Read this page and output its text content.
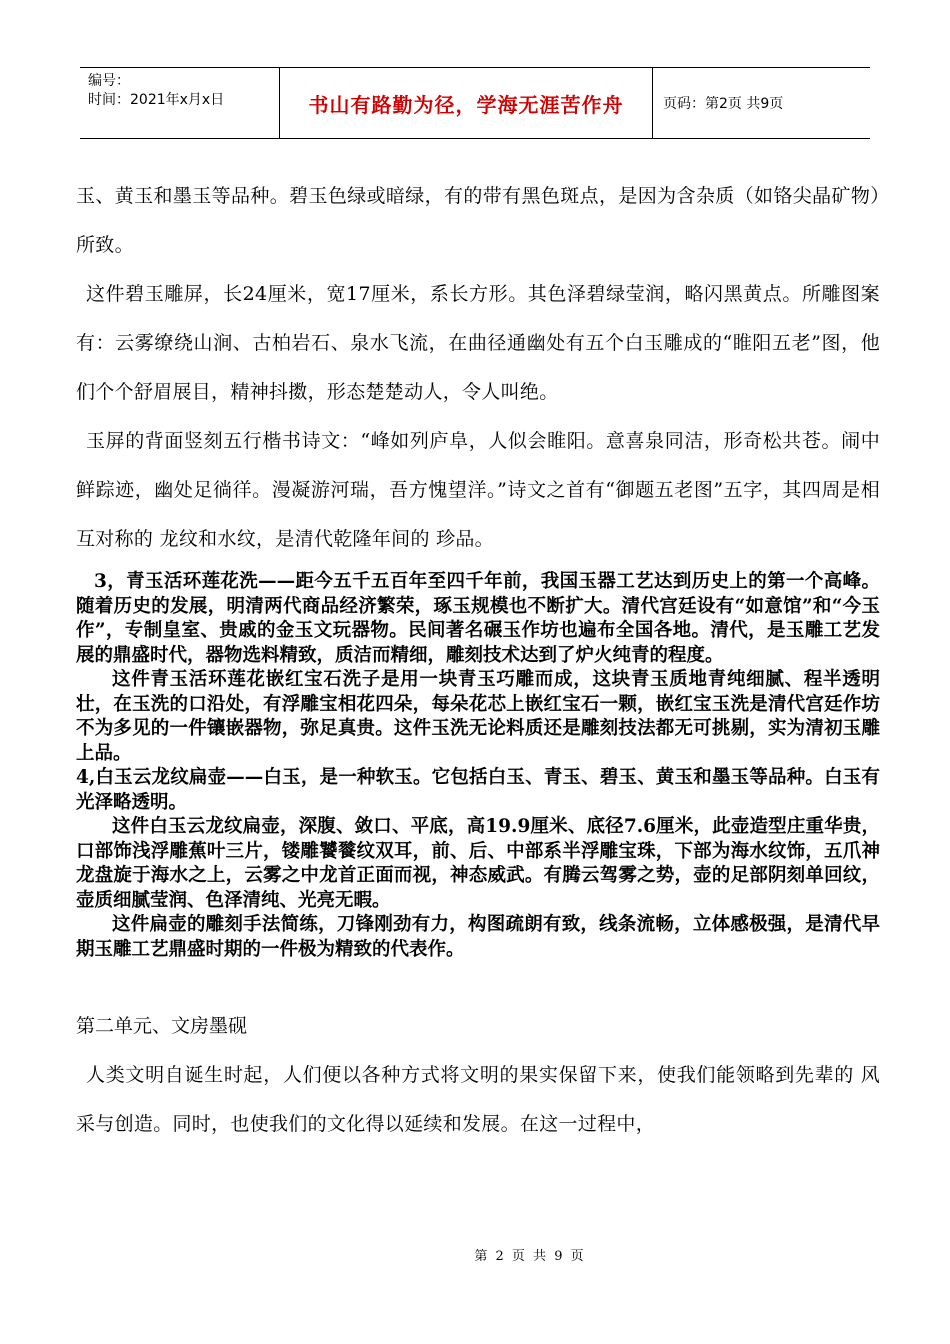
编号：
时间：2021年x月x日	书山有路勤为径，学海无涯苦作舟	页码：第2页 共9页

玉、黄玉和墨玉等品种。碧玉色绿或暗绿，有的带有黑色斑点，是因为含杂质（如铬尖晶矿物）所致。

这件碧玉雕屏，长24厘米，宽17厘米，系长方形。其色泽碧绿莹润，略闪黑黄点。所雕图案有：云雾缭绕山涧、古柏岩石、泉水飞流，在曲径通幽处有五个白玉雕成的“睢阳五老”图，他们个个舒眉展目，精神抖擞，形态楚楚动人，令人叫绝。

玉屏的背面竖刻五行楷书诗文：“峰如列庐阜，人似会睢阳。意喜泉同洁，形奇松共苍。闹中鲜踪迹，幽处足徜徉。漫凝游河瑞，吾方愧望洋。”诗文之首有“御题五老图”五字，其四周是相互对称的 龙纹和水纹，是清代乾隆年间的 珍品。

3，青玉活环莲花洗——距今五千五百年至四千年前，我国玉器工艺达到历史上的第一个高峰。随着历史的发展，明清两代商品经济繁荣，琢玉规模也不断扩大。清代宫廷设有“如意馆”和“今玉作”，专制皇室、贵戚的金玉文玩器物。民间著名碾玉作坊也遍布全国各地。清代，是玉雕工艺发展的鼎盛时代，器物选料精致，质洁而精细，雕刻技术达到了炉火纯青的程度。

这件青玉活环莲花嵌红宝石洗子是用一块青玉巧雕而成，这块青玉质地青纯细腻、程半透明壮，在玉洗的口沿处，有浮雕宝相花四朵，每朵花芯上嵌红宝石一颗，嵌红宝玉洗是清代宫廷作坊不为多见的一件镶嵌器物，弥足真贵。这件玉洗无论料质还是雕刻技法都无可挑剔，实为清初玉雕上品。

4,白玉云龙纹扁壶——白玉，是一种软玉。它包括白玉、青玉、碧玉、黄玉和墨玉等品种。白玉有光泽略透明。

这件白玉云龙纹扁壶，深腹、敛口、平底，高19.9厘米、底径7.6厘米，此壶造型庄重华贵，口部饰浅浮雕蕉叶三片，镂雕饕餮纹双耳，前、后、中部系半浮雕宝珠，下部为海水纹饰，五爪神龙盘旋于海水之上，云雾之中龙首正面而视，神态威武。有腾云驾雾之势，壶的足部阴刻单回纹，壶质细腻莹润、色泽清纯、光亮无暇。

这件扁壶的雕刻手法简练，刀锋刚劲有力，构图疏朗有致，线条流畅，立体感极强，是清代早期玉雕工艺鼎盛时期的一件极为精致的代表作。

第二单元、文房墨砚

人类文明自诞生时起，人们便以各种方式将文明的果实保留下来，使我们能领略到先辈的 风采与创造。同时，也使我们的文化得以延续和发展。在这一过程中，

第 2 页 共 9 页
